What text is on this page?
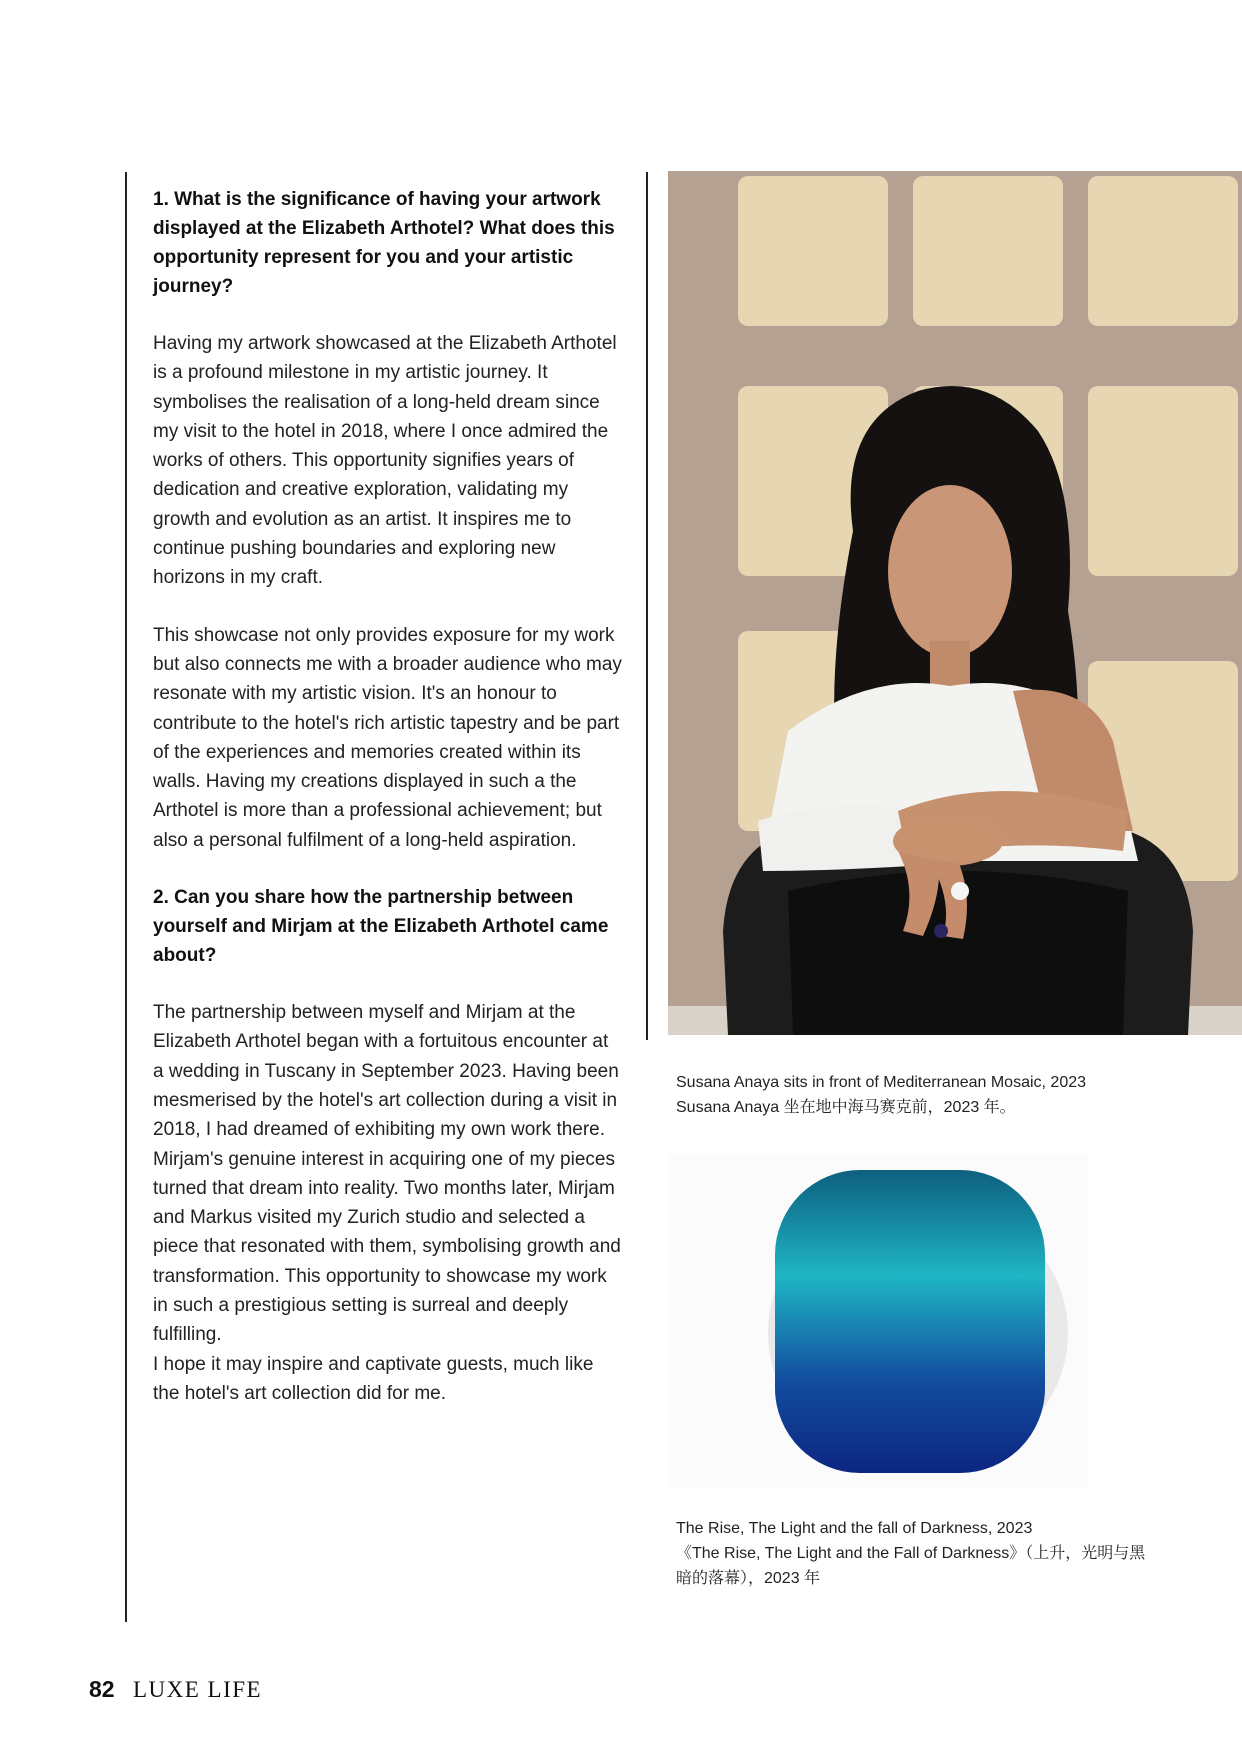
1. What is the significance of having your artwork displayed at the Elizabeth Arthotel? What does this opportunity represent for you and your artistic journey?

Having my artwork showcased at the Elizabeth Arthotel is a profound milestone in my artistic journey. It symbolises the realisation of a long-held dream since my visit to the hotel in 2018, where I once admired the works of others. This opportunity signifies years of dedication and creative exploration, validating my growth and evolution as an artist. It inspires me to continue pushing boundaries and exploring new horizons in my craft.

This showcase not only provides exposure for my work but also connects me with a broader audience who may resonate with my artistic vision. It's an honour to contribute to the hotel's rich artistic tapestry and be part of the experiences and memories created within its walls. Having my creations displayed in such a the Arthotel is more than a professional achievement; but also a personal fulfilment of a long-held aspiration.

2. Can you share how the partnership between yourself and Mirjam at the Elizabeth Arthotel came about?

The partnership between myself and Mirjam at the Elizabeth Arthotel began with a fortuitous encounter at a wedding in Tuscany in September 2023. Having been mesmerised by the hotel's art collection during a visit in 2018, I had dreamed of exhibiting my own work there.
Mirjam's genuine interest in acquiring one of my pieces turned that dream into reality. Two months later, Mirjam and Markus visited my Zurich studio and selected a piece that resonated with them, symbolising growth and transformation. This opportunity to showcase my work in such a prestigious setting is surreal and deeply fulfilling.
I hope it may inspire and captivate guests, much like the hotel's art collection did for me.

Susana Anaya sits in front of Mediterranean Mosaic, 2023
Susana Anaya 坐在地中海马赛克前，2023 年。
The Rise, The Light and the fall of Darkness, 2023
《The Rise, The Light and the Fall of Darkness》（上升，光明与黑
暗的落幕），2023 年
82 LUXE LIFE
